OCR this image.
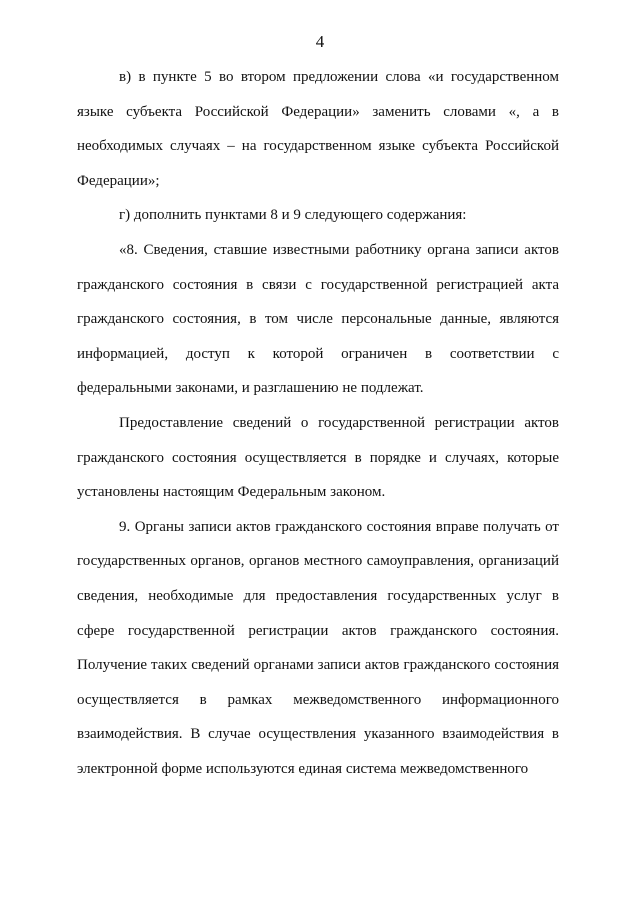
4

в) в пункте 5 во втором предложении слова «и государственном языке субъекта Российской Федерации» заменить словами «, а в необходимых случаях – на государственном языке субъекта Российской Федерации»;

г) дополнить пунктами 8 и 9 следующего содержания:

«8. Сведения, ставшие известными работнику органа записи актов гражданского состояния в связи с государственной регистрацией акта гражданского состояния, в том числе персональные данные, являются информацией, доступ к которой ограничен в соответствии с федеральными законами, и разглашению не подлежат.

Предоставление сведений о государственной регистрации актов гражданского состояния осуществляется в порядке и случаях, которые установлены настоящим Федеральным законом.

9. Органы записи актов гражданского состояния вправе получать от государственных органов, органов местного самоуправления, организаций сведения, необходимые для предоставления государственных услуг в сфере государственной регистрации актов гражданского состояния. Получение таких сведений органами записи актов гражданского состояния осуществляется в рамках межведомственного информационного взаимодействия. В случае осуществления указанного взаимодействия в электронной форме используются единая система межведомственного
